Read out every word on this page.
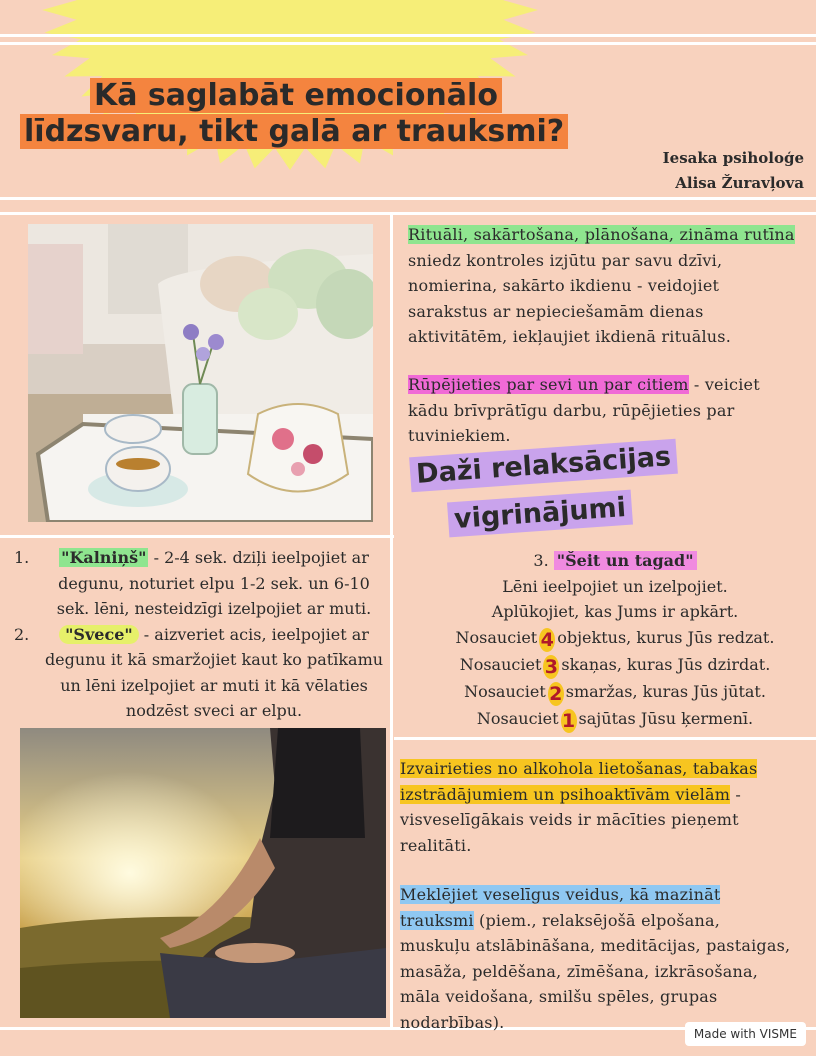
Kā saglabāt emocionālo
līdzsvaru, tikt galā ar trauksmi?
Iesaka psiholoģe
Alisa Žuravļova
Rituāli, sakārtošana, plānošana, zināma rutīna sniedz kontroles izjūtu par savu dzīvi, nomierina, sakārto ikdienu - veidojiet sarakstus ar nepieciešamām dienas aktivitātēm, iekļaujiet ikdienā rituālus.
Rūpējieties par sevi un par citiem - veiciet kādu brīvprātīgu darbu, rūpējieties par tuviniekiem.
Daži relaksācijas
vigrinājumi
1. "Kalniņš" - 2-4 sek. dziļi ieelpojiet ar degunu, noturiet elpu 1-2 sek. un 6-10 sek. lēni, nesteidzīgi izelpojiet ar muti.
2. "Svece" - aizveriet acis, ieelpojiet ar degunu it kā smaržojiet kaut ko patīkamu un lēni izelpojiet ar muti it kā vēlaties nodzēst sveci ar elpu.
3. "Šeit un tagad"
Lēni ieelpojiet un izelpojiet.
Aplūkojiet, kas Jums ir apkārt.
Nosauciet 4 objektus, kurus Jūs redzat.
Nosauciet 3 skaņas, kuras Jūs dzirdat.
Nosauciet 2 smaržas, kuras Jūs jūtat.
Nosauciet 1 sajūtas Jūsu ķermenī.
Izvairieties no alkohola lietošanas, tabakas izstrādājumiem un psihoaktīvām vielām - visveselīgākais veids ir mācīties pieņemt realitāti.
Meklējiet veselīgus veidus, kā mazināt trauksmi (piem., relaksējošā elpošana, muskuļu atslābināšana, meditācijas, pastaigas, masāža, peldēšana, zīmēšana, izkrāsošana, māla veidošana, smilšu spēles, grupas nodarbības).
Made with VISME
